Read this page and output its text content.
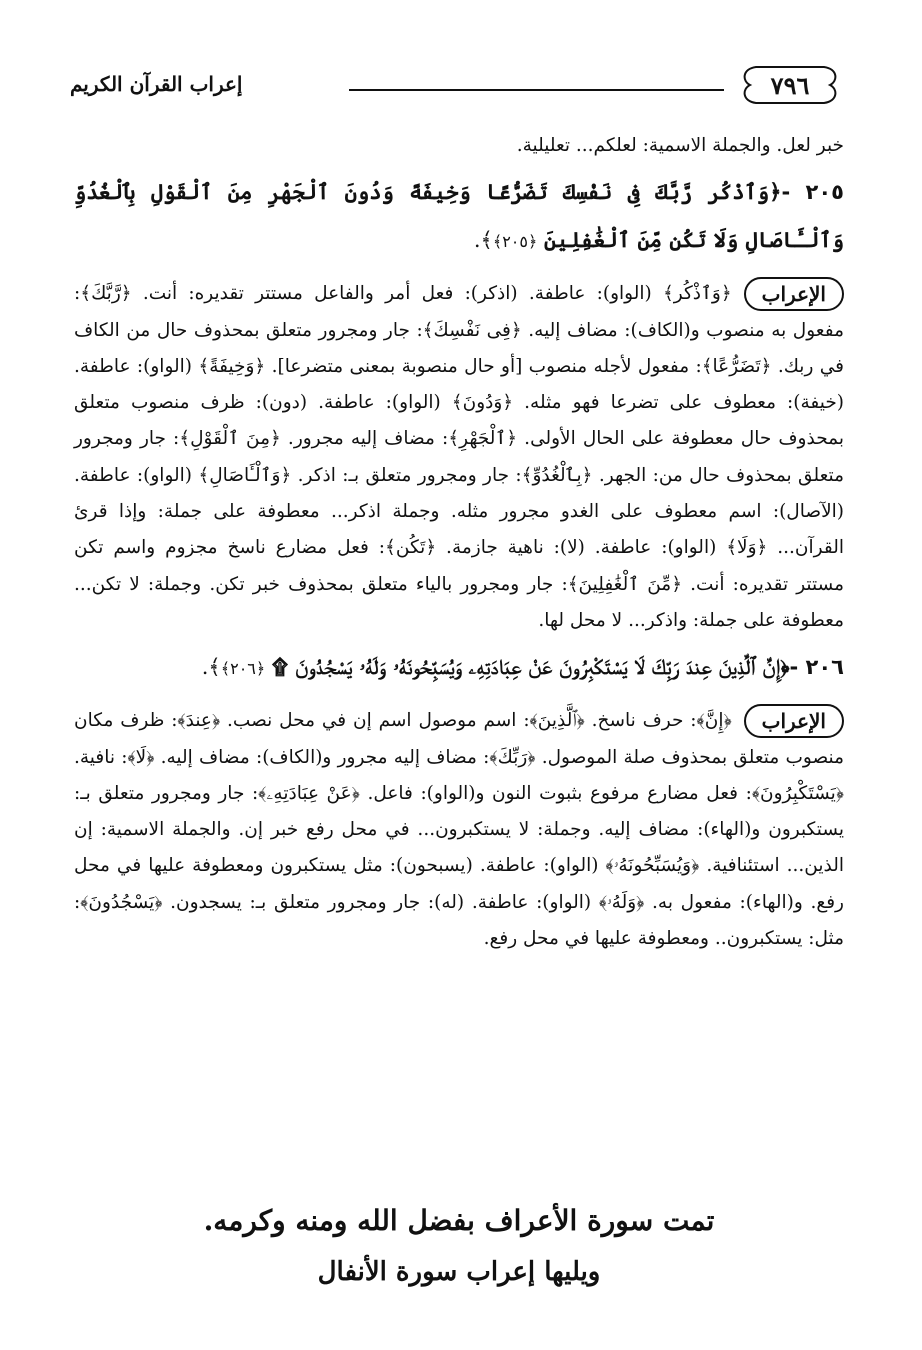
٧٩٦
إعراب القرآن الكريم

خبر لعل. والجملة الاسمية: لعلكم... تعليلية.

٢٠٥ -﴿وَٱذْكُر رَّبَّكَ فِى نَفْسِكَ تَضَرُّعًا وَخِيفَةً وَدُونَ ٱلْجَهْرِ مِنَ ٱلْقَوْلِ بِٱلْغُدُوِّ وَٱلْـَٔاصَالِ وَلَا تَكُن مِّنَ ٱلْغَٰفِلِينَ ﴿٢٠٥﴾﴾.

الإعراب﴿وَٱذْكُر﴾ (الواو): عاطفة. (اذكر): فعل أمر والفاعل مستتر تقديره: أنت. ﴿رَّبَّكَ﴾: مفعول به منصوب و(الكاف): مضاف إليه. ﴿فِى نَفْسِكَ﴾: جار ومجرور متعلق بمحذوف حال من الكاف في ربك. ﴿تَضَرُّعًا﴾: مفعول لأجله منصوب [أو حال منصوبة بمعنى متضرعا]. ﴿وَخِيفَةً﴾ (الواو): عاطفة. (خيفة): معطوف على تضرعا فهو مثله. ﴿وَدُونَ﴾ (الواو): عاطفة. (دون): ظرف منصوب متعلق بمحذوف حال معطوفة على الحال الأولى. ﴿ٱلْجَهْرِ﴾: مضاف إليه مجرور. ﴿مِنَ ٱلْقَوْلِ﴾: جار ومجرور متعلق بمحذوف حال من: الجهر. ﴿بِٱلْغُدُوِّ﴾: جار ومجرور متعلق بـ: اذكر. ﴿وَٱلْـَٔاصَالِ﴾ (الواو): عاطفة. (الآصال): اسم معطوف على الغدو مجرور مثله. وجملة اذكر... معطوفة على جملة: وإذا قرئ القرآن... ﴿وَلَا﴾ (الواو): عاطفة. (لا): ناهية جازمة. ﴿تَكُن﴾: فعل مضارع ناسخ مجزوم واسم تكن مستتر تقديره: أنت. ﴿مِّنَ ٱلْغَٰفِلِينَ﴾: جار ومجرور بالياء متعلق بمحذوف خبر تكن. وجملة: لا تكن... معطوفة على جملة: واذكر... لا محل لها.

٢٠٦ -﴿إِنَّ ٱلَّذِينَ عِندَ رَبِّكَ لَا يَسْتَكْبِرُونَ عَنْ عِبَادَتِهِۦ وَيُسَبِّحُونَهُۥ وَلَهُۥ يَسْجُدُونَ ۩ ﴿٢٠٦﴾﴾.

الإعراب﴿إِنَّ﴾: حرف ناسخ. ﴿ٱلَّذِينَ﴾: اسم موصول اسم إن في محل نصب. ﴿عِندَ﴾: ظرف مكان منصوب متعلق بمحذوف صلة الموصول. ﴿رَبِّكَ﴾: مضاف إليه مجرور و(الكاف): مضاف إليه. ﴿لَا﴾: نافية. ﴿يَسْتَكْبِرُونَ﴾: فعل مضارع مرفوع بثبوت النون و(الواو): فاعل. ﴿عَنْ عِبَادَتِهِۦ﴾: جار ومجرور متعلق بـ: يستكبرون و(الهاء): مضاف إليه. وجملة: لا يستكبرون... في محل رفع خبر إن. والجملة الاسمية: إن الذين... استئنافية. ﴿وَيُسَبِّحُونَهُۥ﴾ (الواو): عاطفة. (يسبحون): مثل يستكبرون ومعطوفة عليها في محل رفع. و(الهاء): مفعول به. ﴿وَلَهُۥ﴾ (الواو): عاطفة. (له): جار ومجرور متعلق بـ: يسجدون. ﴿يَسْجُدُونَ﴾: مثل: يستكبرون.. ومعطوفة عليها في محل رفع.

تمت سورة الأعراف بفضل الله ومنه وكرمه.
ويليها إعراب سورة الأنفال
